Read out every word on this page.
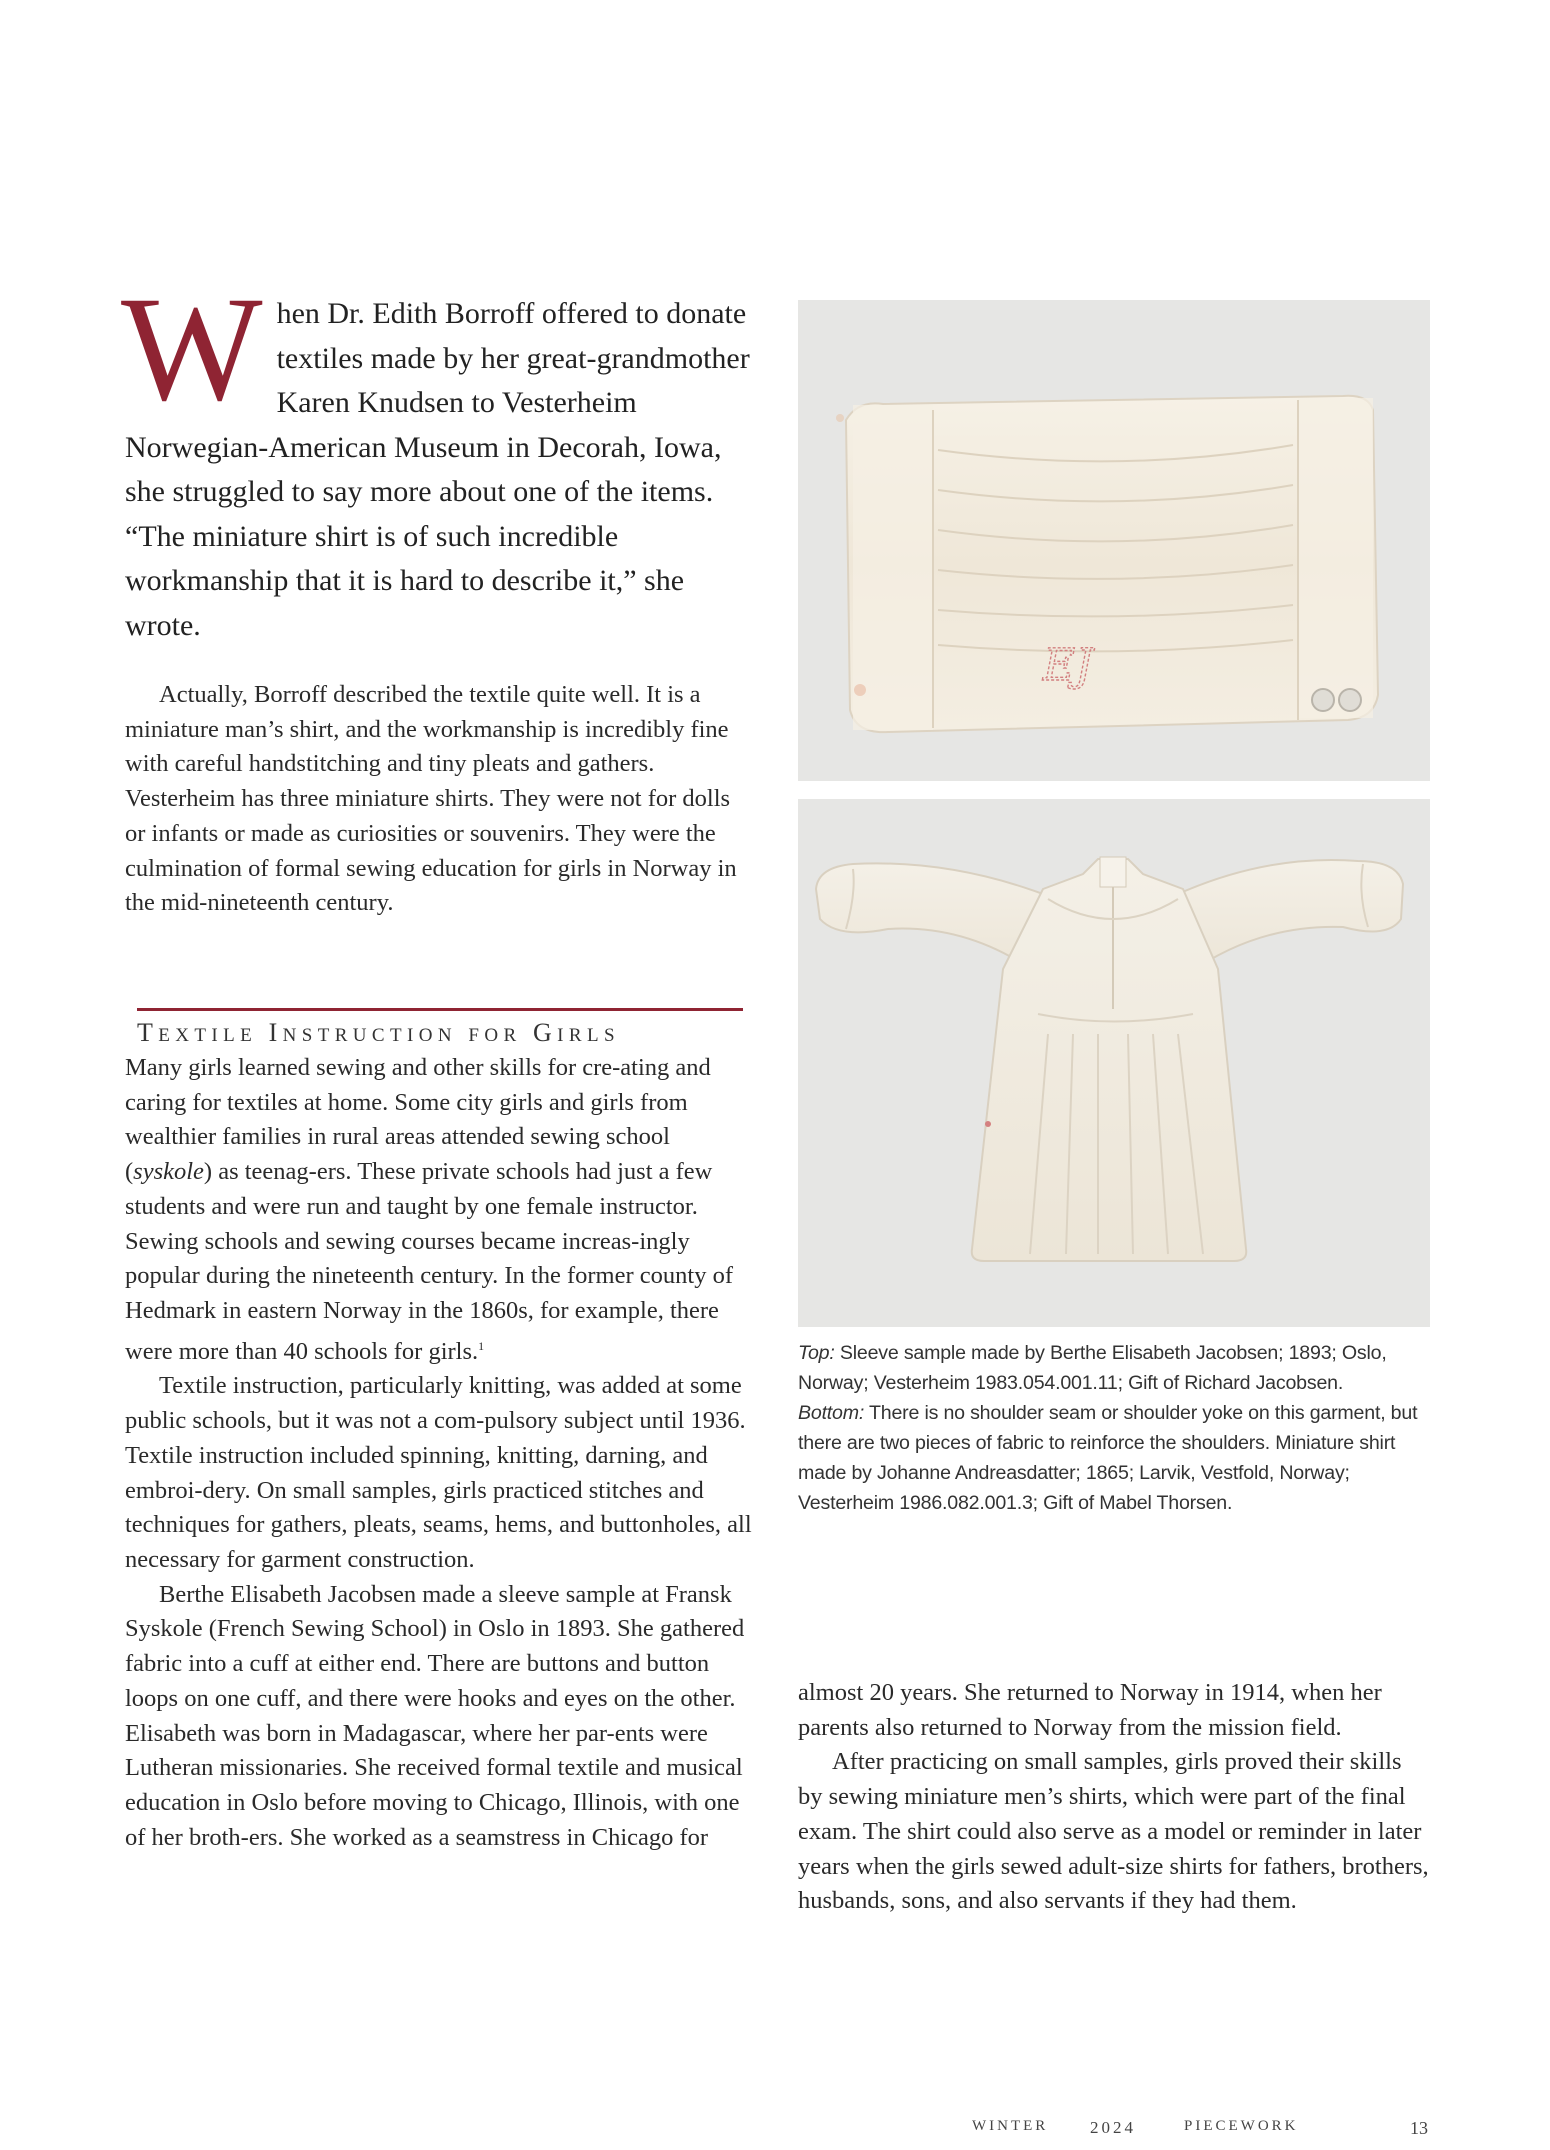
W hen Dr. Edith Borroff offered to donate textiles made by her great-grandmother Karen Knudsen to Vesterheim Norwegian-American Museum in Decorah, Iowa, she struggled to say more about one of the items. “The miniature shirt is of such incredible workmanship that it is hard to describe it,” she wrote.

Actually, Borroff described the textile quite well. It is a miniature man’s shirt, and the workmanship is incredibly fine with careful handstitching and tiny pleats and gathers. Vesterheim has three miniature shirts. They were not for dolls or infants or made as curiosities or souvenirs. They were the culmination of formal sewing education for girls in Norway in the mid-nineteenth century.

TEXTILE INSTRUCTION FOR GIRLS

Many girls learned sewing and other skills for cre-ating and caring for textiles at home. Some city girls and girls from wealthier families in rural areas attended sewing school (syskole) as teenag-ers. These private schools had just a few students and were run and taught by one female instructor. Sewing schools and sewing courses became increas-ingly popular during the nineteenth century. In the former county of Hedmark in eastern Norway in the 1860s, for example, there were more than 40 schools for girls.$^1$

Textile instruction, particularly knitting, was added at some public schools, but it was not a com-pulsory subject until 1936. Textile instruction included spinning, knitting, darning, and embroi-dery. On small samples, girls practiced stitches and techniques for gathers, pleats, seams, hems, and buttonholes, all necessary for garment construction.

Berthe Elisabeth Jacobsen made a sleeve sample at Fransk Syskole (French Sewing School) in Oslo in 1893. She gathered fabric into a cuff at either end. There are buttons and button loops on one cuff, and there were hooks and eyes on the other. Elisabeth was born in Madagascar, where her par-ents were Lutheran missionaries. She received formal textile and musical education in Oslo before moving to Chicago, Illinois, with one of her broth-ers. She worked as a seamstress in Chicago for

EJ
Top: Sleeve sample made by Berthe Elisabeth Jacobsen; 1893; Oslo, Norway; Vesterheim 1983.054.001.11; Gift of Richard Jacobsen.
Bottom: There is no shoulder seam or shoulder yoke on this garment, but there are two pieces of fabric to reinforce the shoulders. Miniature shirt made by Johanne Andreasdatter; 1865; Larvik, Vestfold, Norway; Vesterheim 1986.082.001.3; Gift of Mabel Thorsen.

almost 20 years. She returned to Norway in 1914, when her parents also returned to Norway from the mission field.

After practicing on small samples, girls proved their skills by sewing miniature men’s shirts, which were part of the final exam. The shirt could also serve as a model or reminder in later years when the girls sewed adult-size shirts for fathers, brothers, husbands, sons, and also servants if they had them.

WINTER 2024	PIECEWORK	13
